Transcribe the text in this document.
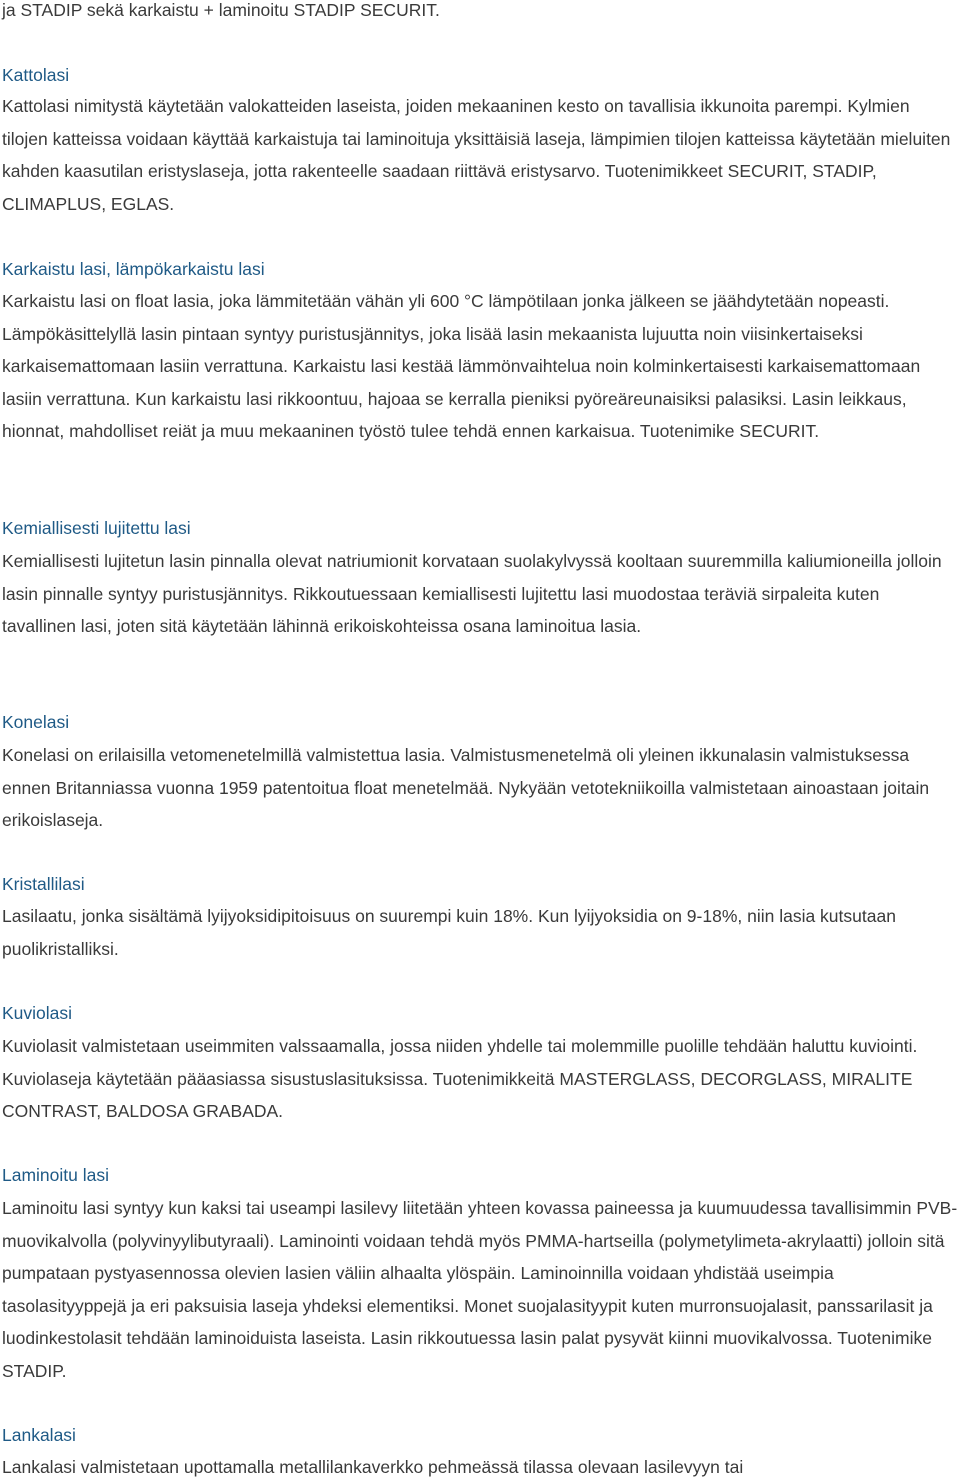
ja STADIP sekä karkaistu + laminoitu STADIP SECURIT.

Kattolasi

Kattolasi nimitystä käytetään valokatteiden laseista, joiden mekaaninen kesto on tavallisia ikkunoita parempi. Kylmien tilojen katteissa voidaan käyttää karkaistuja tai laminoituja yksittäisiä laseja, lämpimien tilojen katteissa käytetään mieluiten kahden kaasutilan eristyslaseja, jotta rakenteelle saadaan riittävä eristysarvo. Tuotenimikkeet SECURIT, STADIP, CLIMAPLUS, EGLAS.

Karkaistu lasi, lämpökarkaistu lasi

Karkaistu lasi on float lasia, joka lämmitetään vähän yli 600 °C lämpötilaan jonka jälkeen se jäähdytetään nopeasti. Lämpökäsittelyllä lasin pintaan syntyy puristusjännitys, joka lisää lasin mekaanista lujuutta noin viisinkertaiseksi karkaisemattomaan lasiin verrattuna. Karkaistu lasi kestää lämmönvaihtelua noin kolminkertaisesti karkaisemattomaan lasiin verrattuna. Kun karkaistu lasi rikkoontuu, hajoaa se kerralla pieniksi pyöreäreunaisiksi palasiksi. Lasin leikkaus, hionnat, mahdolliset reiät ja muu mekaaninen työstö tulee tehdä ennen karkaisua. Tuotenimike SECURIT.

Kemiallisesti lujitettu lasi

Kemiallisesti lujitetun lasin pinnalla olevat natriumionit korvataan suolakylvyssä kooltaan suuremmilla kaliumioneilla jolloin lasin pinnalle syntyy puristusjännitys. Rikkoutuessaan kemiallisesti lujitettu lasi muodostaa teräviä sirpaleita kuten tavallinen lasi, joten sitä käytetään lähinnä erikoiskohteissa osana laminoitua lasia.

Konelasi

Konelasi on erilaisilla vetomenetelmillä valmistettua lasia. Valmistusmenetelmä oli yleinen ikkunalasin valmistuksessa ennen Britanniassa vuonna 1959 patentoitua float menetelmää. Nykyään vetotekniikoilla valmistetaan ainoastaan joitain erikoislaseja.

Kristallilasi

Lasilaatu, jonka sisältämä lyijyoksidipitoisuus on suurempi kuin 18%. Kun lyijyoksidia on 9-18%, niin lasia kutsutaan puolikristalliksi.

Kuviolasi

Kuviolasit valmistetaan useimmiten valssaamalla, jossa niiden yhdelle tai molemmille puolille tehdään haluttu kuviointi. Kuviolaseja käytetään pääasiassa sisustuslasituksissa. Tuotenimikkeitä MASTERGLASS, DECORGLASS, MIRALITE CONTRAST, BALDOSA GRABADA.

Laminoitu lasi

Laminoitu lasi syntyy kun kaksi tai useampi lasilevy liitetään yhteen kovassa paineessa ja kuumuudessa tavallisimmin PVB-muovikalvolla (polyvinyylibutyraali). Laminointi voidaan tehdä myös PMMA-hartseilla (polymetylimeta-akrylaatti) jolloin sitä pumpataan pystyasennossa olevien lasien väliin alhaalta ylöspäin. Laminoinnilla voidaan yhdistää useimpia tasolasityyppejä ja eri paksuisia laseja yhdeksi elementiksi. Monet suojalasityypit kuten murronsuojalasit, panssarilasit ja luodinkestolasit tehdään laminoiduista laseista. Lasin rikkoutuessa lasin palat pysyvät kiinni muovikalvossa. Tuotenimike STADIP.

Lankalasi

Lankalasi valmistetaan upottamalla metallilankaverkko pehmeässä tilassa olevaan lasilevyyn tai
